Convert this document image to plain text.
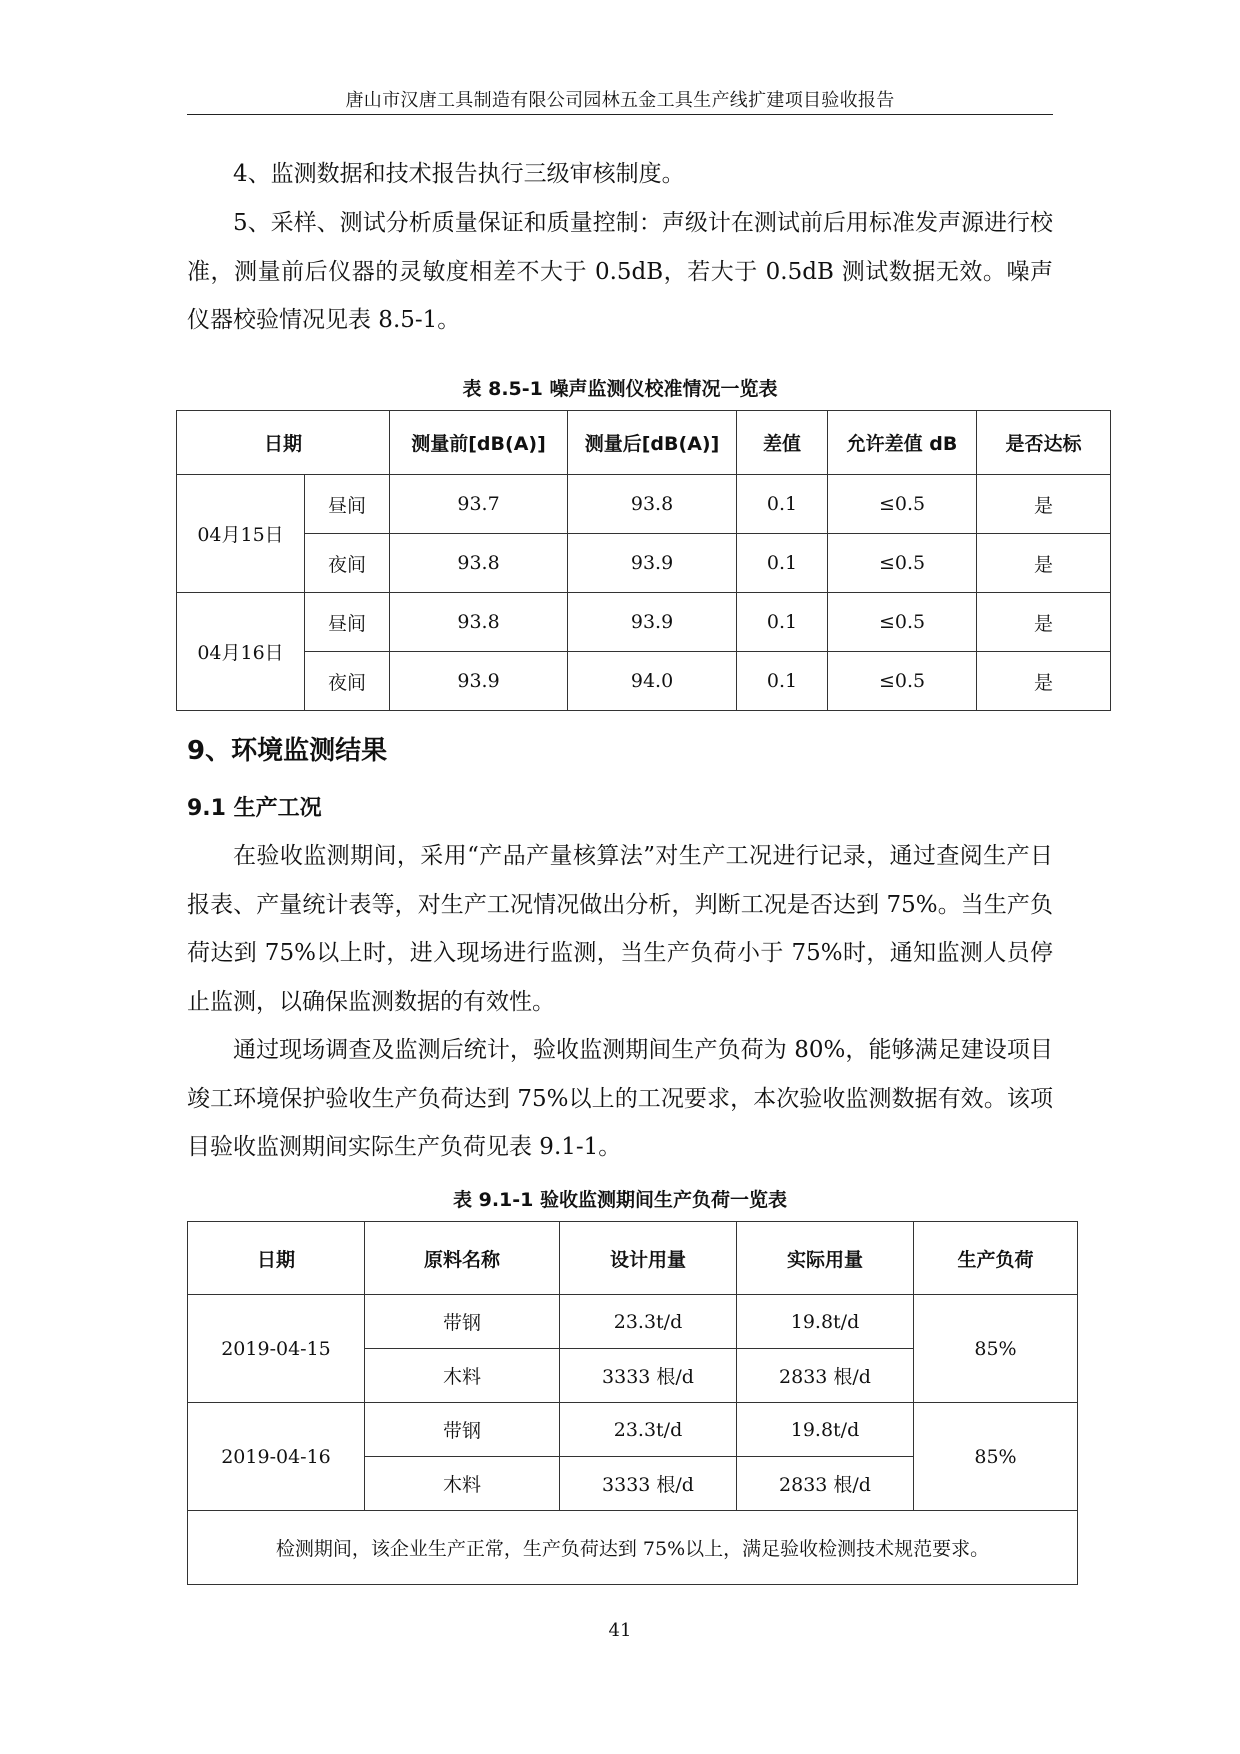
唐山市汉唐工具制造有限公司园林五金工具生产线扩建项目验收报告

4、监测数据和技术报告执行三级审核制度。

5、采样、测试分析质量保证和质量控制：声级计在测试前后用标准发声源进行校准，测量前后仪器的灵敏度相差不大于 0.5dB，若大于 0.5dB 测试数据无效。噪声仪器校验情况见表 8.5-1。

表 8.5-1 噪声监测仪校准情况一览表
日期		测量前[dB(A)]	测量后[dB(A)]	差值	允许差值 dB	是否达标
04月15日	昼间	93.7	93.8	0.1	≤0.5	是
	夜间	93.8	93.9	0.1	≤0.5	是
04月16日	昼间	93.8	93.9	0.1	≤0.5	是
	夜间	93.9	94.0	0.1	≤0.5	是
9、环境监测结果
9.1 生产工况

在验收监测期间，采用“产品产量核算法”对生产工况进行记录，通过查阅生产日报表、产量统计表等，对生产工况情况做出分析，判断工况是否达到 75%。当生产负荷达到 75%以上时，进入现场进行监测，当生产负荷小于 75%时，通知监测人员停止监测，以确保监测数据的有效性。

通过现场调查及监测后统计，验收监测期间生产负荷为 80%，能够满足建设项目竣工环境保护验收生产负荷达到 75%以上的工况要求，本次验收监测数据有效。该项目验收监测期间实际生产负荷见表 9.1-1。

表 9.1-1 验收监测期间生产负荷一览表
日期	原料名称	设计用量	实际用量	生产负荷
2019-04-15	带钢	23.3t/d	19.8t/d	85%
	木料	3333 根/d	2833 根/d	
2019-04-16	带钢	23.3t/d	19.8t/d	85%
	木料	3333 根/d	2833 根/d	
检测期间，该企业生产正常，生产负荷达到 75%以上，满足验收检测技术规范要求。				
41
